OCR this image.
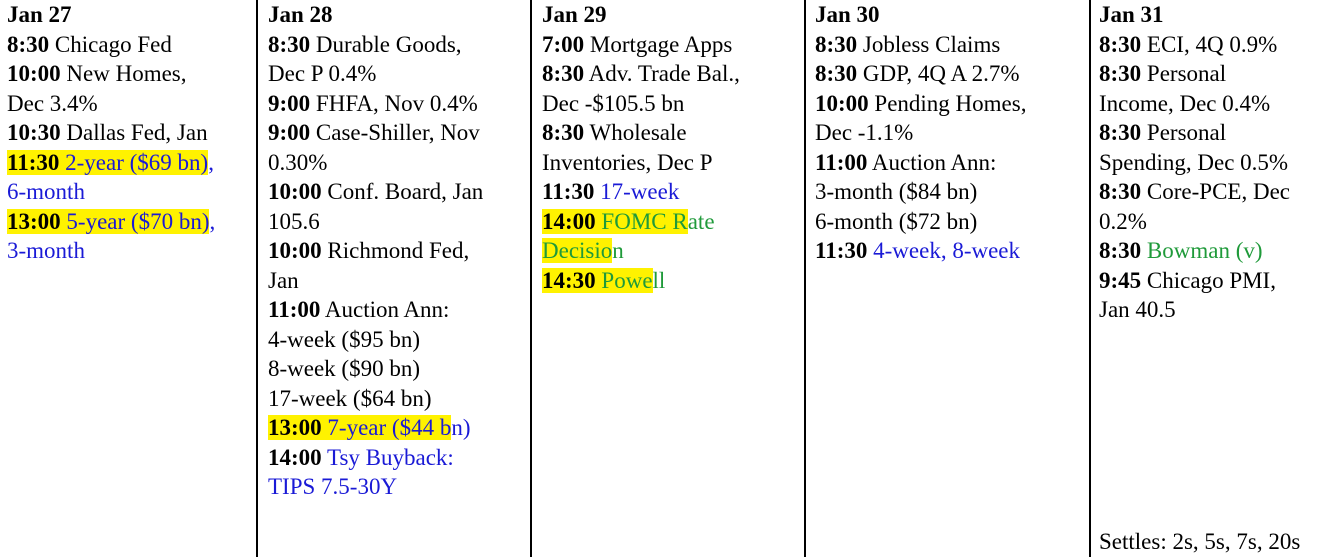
Jan 27
8:30 Chicago Fed
10:00 New Homes,
Dec 3.4%
10:30 Dallas Fed, Jan
11:30 2-year ($69 bn),
6-month
13:00 5-year ($70 bn),
3-month
Jan 28
8:30 Durable Goods,
Dec P 0.4%
9:00 FHFA, Nov 0.4%
9:00 Case-Shiller, Nov
0.30%
10:00 Conf. Board, Jan
105.6
10:00 Richmond Fed,
Jan
11:00 Auction Ann:
4-week ($95 bn)
8-week ($90 bn)
17-week ($64 bn)
13:00 7-year ($44 bn)
14:00 Tsy Buyback:
TIPS 7.5-30Y
Jan 29
7:00 Mortgage Apps
8:30 Adv. Trade Bal.,
Dec -$105.5 bn
8:30 Wholesale
Inventories, Dec P
11:30 17-week
14:00 FOMC Rate
Decision
14:30 Powell
Jan 30
8:30 Jobless Claims
8:30 GDP, 4Q A 2.7%
10:00 Pending Homes,
Dec -1.1%
11:00 Auction Ann:
3-month ($84 bn)
6-month ($72 bn)
11:30 4-week, 8-week
Jan 31
8:30 ECI, 4Q 0.9%
8:30 Personal
Income, Dec 0.4%
8:30 Personal
Spending, Dec 0.5%
8:30 Core-PCE, Dec
0.2%
8:30 Bowman (v)
9:45 Chicago PMI,
Jan 40.5
Settles: 2s, 5s, 7s, 20s
